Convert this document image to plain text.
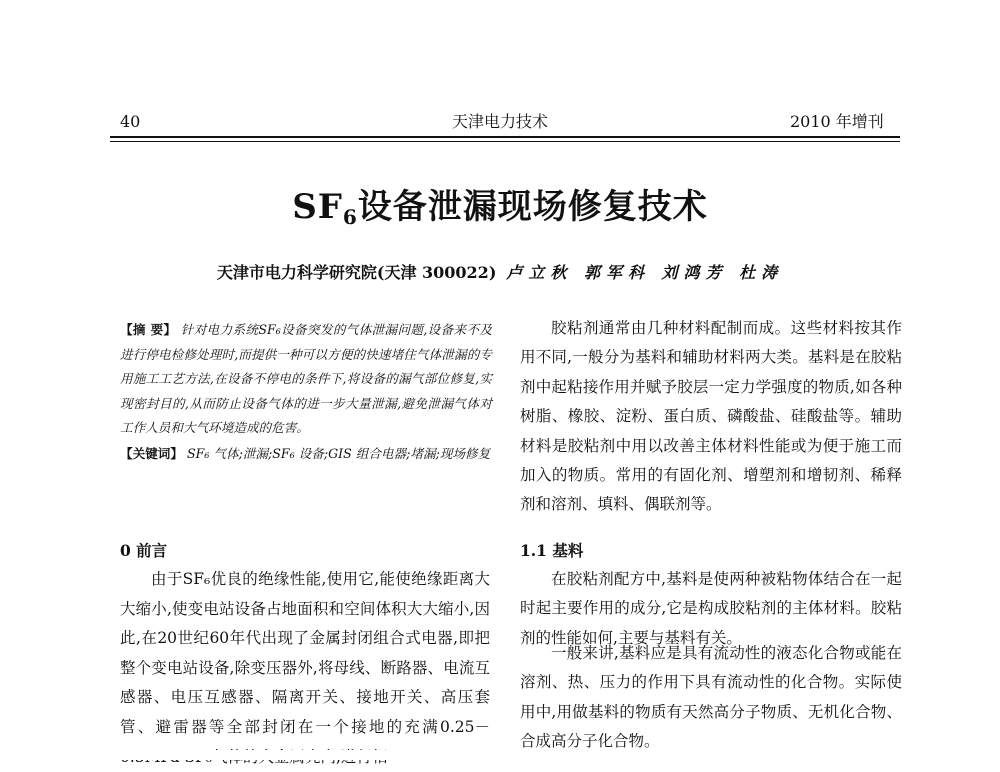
40	天津电力技术	2010 年增刊
$SF_6$设备泄漏现场修复技术
天津市电力科学研究院(天津 300022) 卢立秋 郭军科 刘鸿芳 杜涛
【摘 要】 针对电力系统SF₆设备突发的气体泄漏问题,设备来不及进行停电检修处理时,而提供一种可以方便的快速堵住气体泄漏的专用施工工艺方法,在设备不停电的条件下,将设备的漏气部位修复,实现密封目的,从而防止设备气体的进一步大量泄漏,避免泄漏气体对工作人员和大气环境造成的危害。
【关键词】 SF₆ 气体;泄漏;SF₆ 设备;GIS 组合电器;堵漏;现场修复
0 前言

由于SF₆优良的绝缘性能,使用它,能使绝缘距离大大缩小,使变电站设备占地面积和空间体积大大缩小,因此,在20世纪60年代出现了金属封闭组合式电器,即把整个变电站设备,除变压器外,将母线、断路器、电流互感器、电压互感器、隔离开关、接地开关、高压套管、避雷器等全部封闭在一个接地的充满0.25－

胶粘剂通常由几种材料配制而成。这些材料按其作用不同,一般分为基料和辅助材料两大类。基料是在胶粘剂中起粘接作用并赋予胶层一定力学强度的物质,如各种树脂、橡胶、淀粉、蛋白质、磷酸盐、硅酸盐等。辅助材料是胶粘剂中用以改善主体材料性能或为便于施工而加入的物质。常用的有固化剂、增塑剂和增韧剂、稀释剂和溶剂、填料、偶联剂等。

1.1 基料

在胶粘剂配方中,基料是使两种被粘物体结合在一起时起主要作用的成分,它是构成胶粘剂的主体材料。胶粘剂的性能如何,主要与基料有关。

一般来讲,基料应是具有流动性的液态化合物或能在溶剂、热、压力的作用下具有流动性的化合物。实际使用中,用做基料的物质有天然高分子物质、无机化合物、合成高分子化合物。
